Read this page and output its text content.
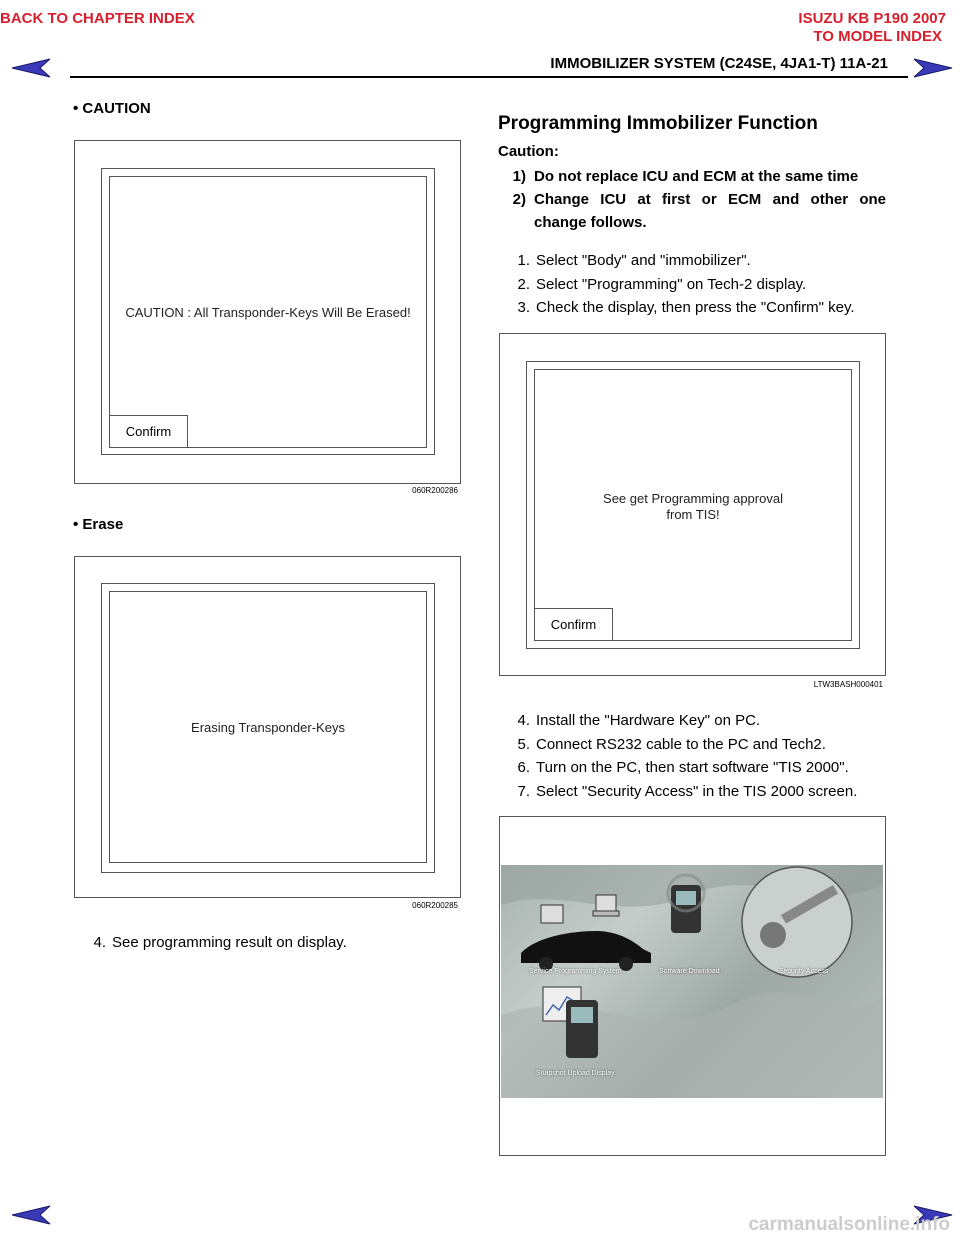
BACK TO CHAPTER INDEX	ISUZU KB P190 2007
TO MODEL INDEX
IMMOBILIZER SYSTEM (C24SE, 4JA1-T) 11A-21
• CAUTION
CAUTION : All Transponder-Keys Will Be Erased!
Confirm
060R200286
• Erase
Erasing Transponder-Keys
060R200285
4. See programming result on display.
Programming Immobilizer Function
Caution:
1) Do not replace ICU and ECM at the same time
2) Change  ICU  at  first  or  ECM  and  other  one change follows.
1. Select "Body" and "immobilizer".
2. Select "Programming" on Tech-2 display.
3. Check the display, then press the "Confirm" key.
See get Programming approval
from TIS!
Confirm
LTW3BASH000401
4. Install the "Hardware Key" on PC.
5. Connect RS232 cable to the PC and Tech2.
6. Turn on the PC, then start software "TIS 2000".
7. Select "Security Access" in the TIS 2000 screen.
Service Programming System	Software Download	Security Access
Snapshot Upload Display
carmanualsonline.info
